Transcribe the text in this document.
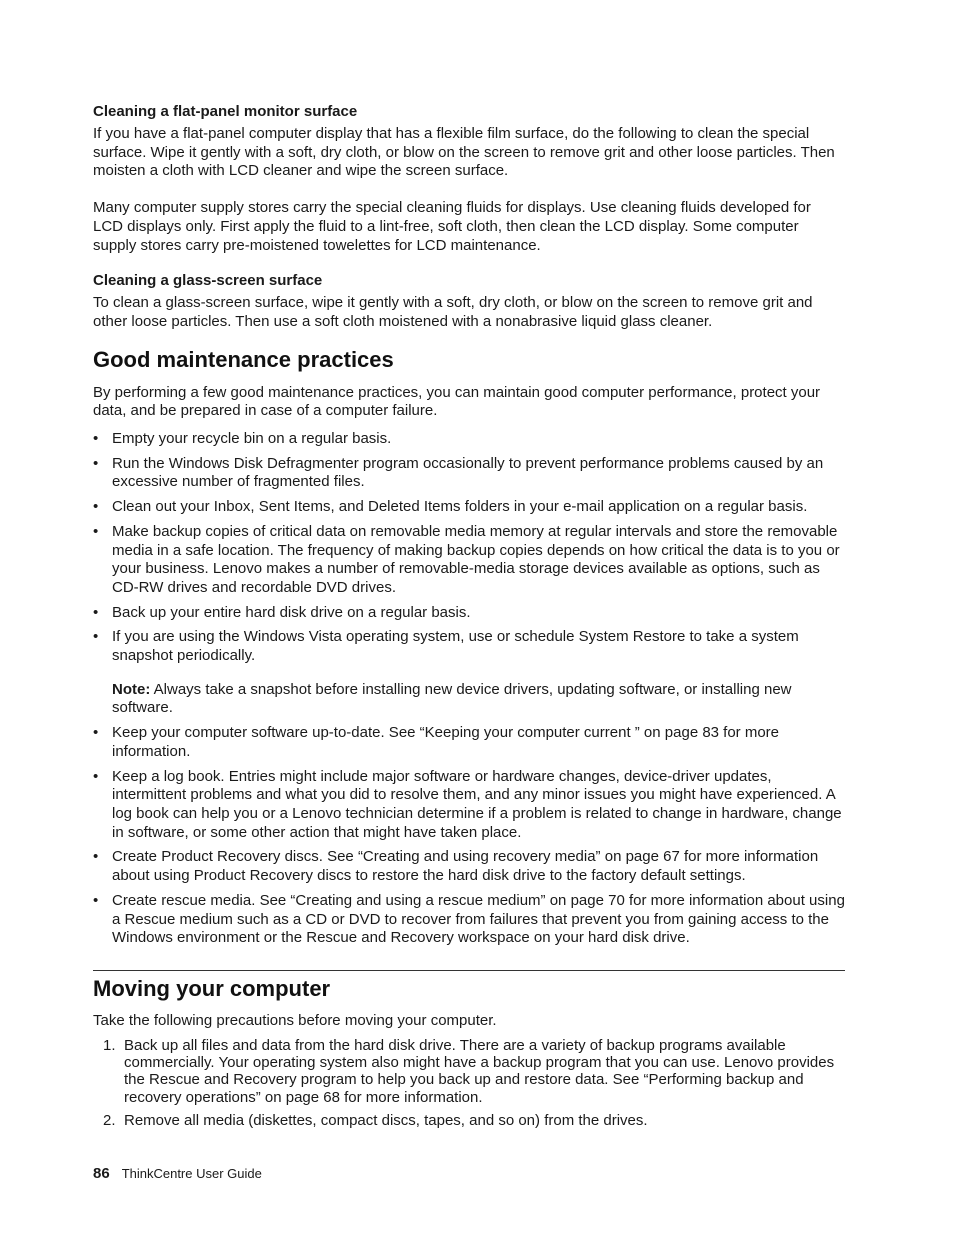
Cleaning a flat-panel monitor surface

If you have a flat-panel computer display that has a flexible film surface, do the following to clean the special surface. Wipe it gently with a soft, dry cloth, or blow on the screen to remove grit and other loose particles. Then moisten a cloth with LCD cleaner and wipe the screen surface.

Many computer supply stores carry the special cleaning fluids for displays. Use cleaning fluids developed for LCD displays only. First apply the fluid to a lint-free, soft cloth, then clean the LCD display. Some computer supply stores carry pre-moistened towelettes for LCD maintenance.

Cleaning a glass-screen surface

To clean a glass-screen surface, wipe it gently with a soft, dry cloth, or blow on the screen to remove grit and other loose particles. Then use a soft cloth moistened with a nonabrasive liquid glass cleaner.

Good maintenance practices

By performing a few good maintenance practices, you can maintain good computer performance, protect your data, and be prepared in case of a computer failure.

• Empty your recycle bin on a regular basis.
• Run the Windows Disk Defragmenter program occasionally to prevent performance problems caused by an excessive number of fragmented files.
• Clean out your Inbox, Sent Items, and Deleted Items folders in your e-mail application on a regular basis.
• Make backup copies of critical data on removable media memory at regular intervals and store the removable media in a safe location. The frequency of making backup copies depends on how critical the data is to you or your business. Lenovo makes a number of removable-media storage devices available as options, such as CD-RW drives and recordable DVD drives.
• Back up your entire hard disk drive on a regular basis.
• If you are using the Windows Vista operating system, use or schedule System Restore to take a system snapshot periodically.
Note: Always take a snapshot before installing new device drivers, updating software, or installing new software.
• Keep your computer software up-to-date. See “Keeping your computer current ” on page 83 for more information.
• Keep a log book. Entries might include major software or hardware changes, device-driver updates, intermittent problems and what you did to resolve them, and any minor issues you might have experienced. A log book can help you or a Lenovo technician determine if a problem is related to change in hardware, change in software, or some other action that might have taken place.
• Create Product Recovery discs. See “Creating and using recovery media” on page 67 for more information about using Product Recovery discs to restore the hard disk drive to the factory default settings.
• Create rescue media. See “Creating and using a rescue medium” on page 70 for more information about using a Rescue medium such as a CD or DVD to recover from failures that prevent you from gaining access to the Windows environment or the Rescue and Recovery workspace on your hard disk drive.
Moving your computer

Take the following precautions before moving your computer.

1. Back up all files and data from the hard disk drive. There are a variety of backup programs available commercially. Your operating system also might have a backup program that you can use. Lenovo provides the Rescue and Recovery program to help you back up and restore data. See “Performing backup and recovery operations” on page 68 for more information.
2. Remove all media (diskettes, compact discs, tapes, and so on) from the drives.
86 ThinkCentre User Guide
